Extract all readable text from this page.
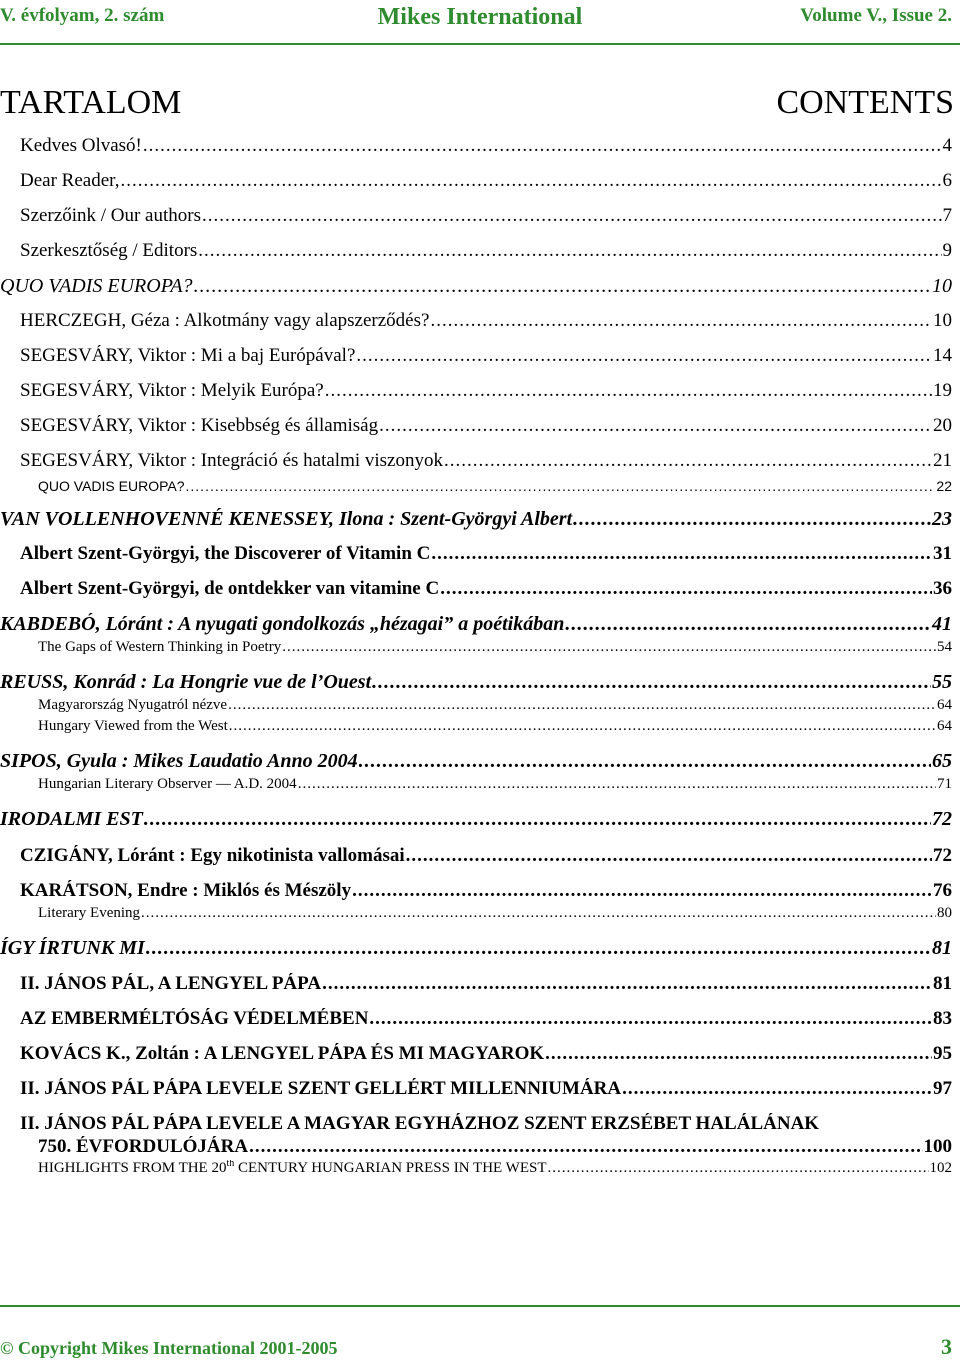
V. évfolyam, 2. szám	Mikes International	Volume V., Issue 2.
TARTALOM	CONTENTS
Kedves Olvasó! .....	4
Dear Reader, .....	6
Szerzőink / Our authors .....	7
Szerkesztőség / Editors .....	9
QUO VADIS EUROPA? .....	10
HERCZEGH, Géza : Alkotmány vagy alapszerződés? .....	10
SEGESVÁRY, Viktor : Mi a baj Európával? .....	14
SEGESVÁRY, Viktor : Melyik Európa? .....	19
SEGESVÁRY, Viktor : Kisebbség és államiság .....	20
SEGESVÁRY, Viktor : Integráció és hatalmi viszonyok .....	21
QUO VADIS EUROPA? .....	22
VAN VOLLENHOVENNÉ KENESSEY, Ilona : Szent-Györgyi Albert .....	23
Albert Szent-Györgyi, the Discoverer of Vitamin C .....	31
Albert Szent-Györgyi, de ontdekker van vitamine C .....	36
KABDEBÓ, Lóránt : A nyugati gondolkozás „hézagai” a poétikában .....	41
The Gaps of Western Thinking in Poetry .....	54
REUSS, Konrád : La Hongrie vue de l’Ouest .....	55
Magyarország Nyugatról nézve .....	64
Hungary Viewed from the West .....	64
SIPOS, Gyula : Mikes Laudatio Anno 2004 .....	65
Hungarian Literary Observer — A.D. 2004 .....	71
IRODALMI EST .....	72
CZIGÁNY, Lóránt : Egy nikotinista vallomásai .....	72
KARÁTSON, Endre : Miklós és Mészöly .....	76
Literary Evening .....	80
ÍGY ÍRTUNK MI .....	81
II. JÁNOS PÁL, A LENGYEL PÁPA .....	81
AZ EMBERMÉLTÓSÁG VÉDELMÉBEN .....	83
KOVÁCS K., Zoltán : A LENGYEL PÁPA ÉS MI MAGYAROK .....	95
II. JÁNOS PÁL PÁPA LEVELE SZENT GELLÉRT MILLENNIUMÁRA .....	97
II. JÁNOS PÁL PÁPA LEVELE A MAGYAR EGYHÁZHOZ SZENT ERZSÉBET HALÁLÁNAK
750. ÉVFORDULÓJÁRA .....	100
HIGHLIGHTS FROM THE 20th CENTURY HUNGARIAN PRESS IN THE WEST .....	102
© Copyright Mikes International 2001-2005	3
